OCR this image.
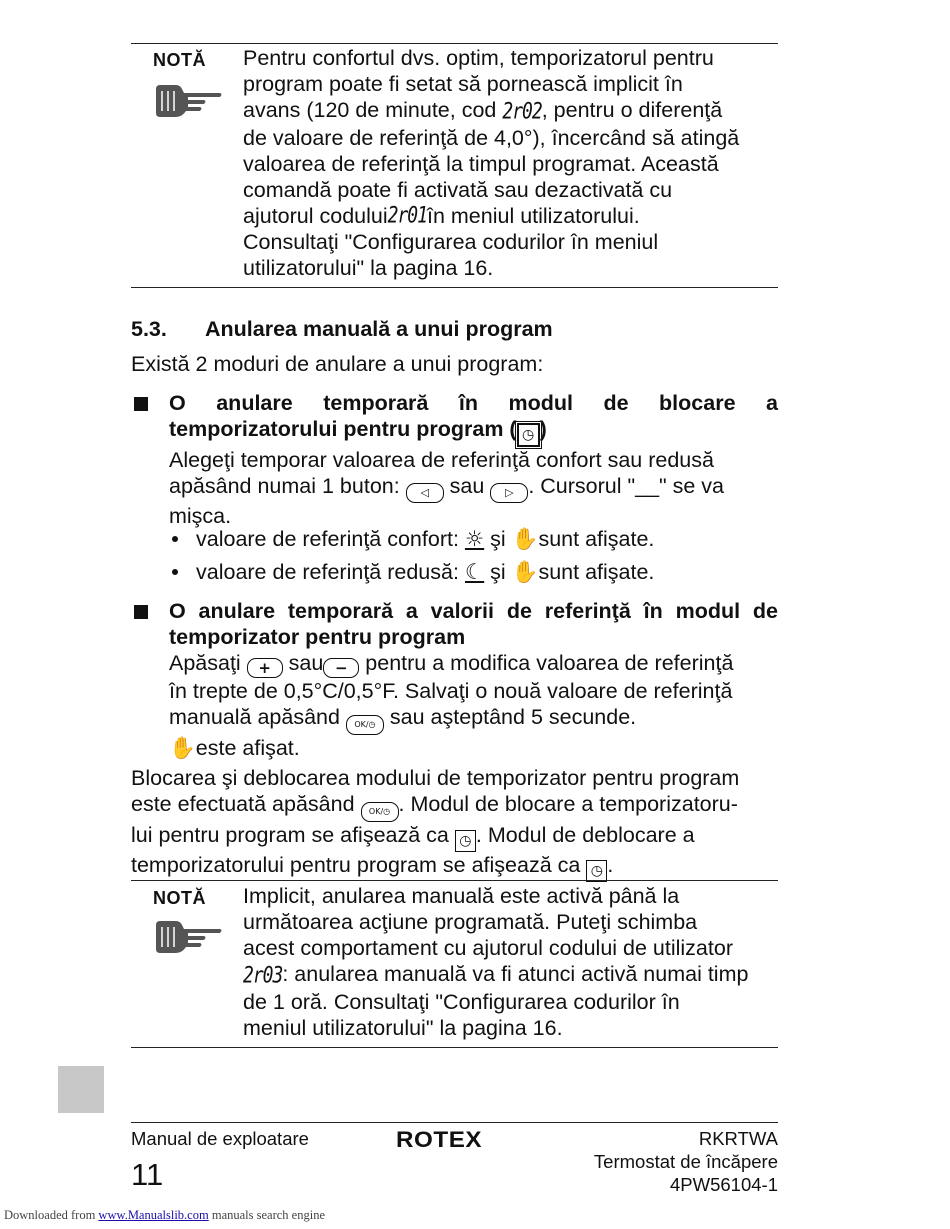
NOTĂ Pentru confortul dvs. optim, temporizatorul pentru
program poate fi setat să pornească implicit în
avans (120 de minute, cod 2r02, pentru o diferenţă
de valoare de referinţă de 4,0°), încercând să atingă
valoarea de referinţă la timpul programat. Această
comandă poate fi activată sau dezactivată cu
ajutorul codului 2r01 în meniul utilizatorului.
Consultaţi "Configurarea codurilor în meniul
utilizatorului" la pagina 16.
5.3. Anularea manuală a unui program
Există 2 moduri de anulare a unui program:
O anulare temporară în modul de blocare a
temporizatorului pentru program ( ◷ )
Alegeţi temporar valoarea de referinţă confort sau redusă
apăsând numai 1 buton: ◁ sau ▷ . Cursorul "__" se va
mişca.
valoare de referinţă confort: ☼ şi ✋sunt afişate.
valoare de referinţă redusă: ☾ şi ✋sunt afişate.
O anulare temporară a valorii de referinţă în modul de
temporizator pentru program
Apăsaţi + sau − pentru a modifica valoarea de referinţă
în trepte de 0,5°C/0,5°F. Salvaţi o nouă valoare de referinţă
manuală apăsând OK/◷ sau aşteptând 5 secunde.
✋este afişat.
Blocarea şi deblocarea modului de temporizator pentru program
este efectuată apăsând OK/◷ . Modul de blocare a temporizatoru-
lui pentru program se afişează ca ◷ . Modul de deblocare a
temporizatorului pentru program se afişează ca ◷ .
NOTĂ Implicit, anularea manuală este activă până la
următoarea acţiune programată. Puteţi schimba
acest comportament cu ajutorul codului de utilizator
2r03: anularea manuală va fi atunci activă numai timp
de 1 oră. Consultaţi "Configurarea codurilor în
meniul utilizatorului" la pagina 16.
Manual de exploatare	ROTEX
11
RKRTWA
Termostat de încăpere
4PW56104-1
Downloaded from www.Manualslib.com manuals search engine
